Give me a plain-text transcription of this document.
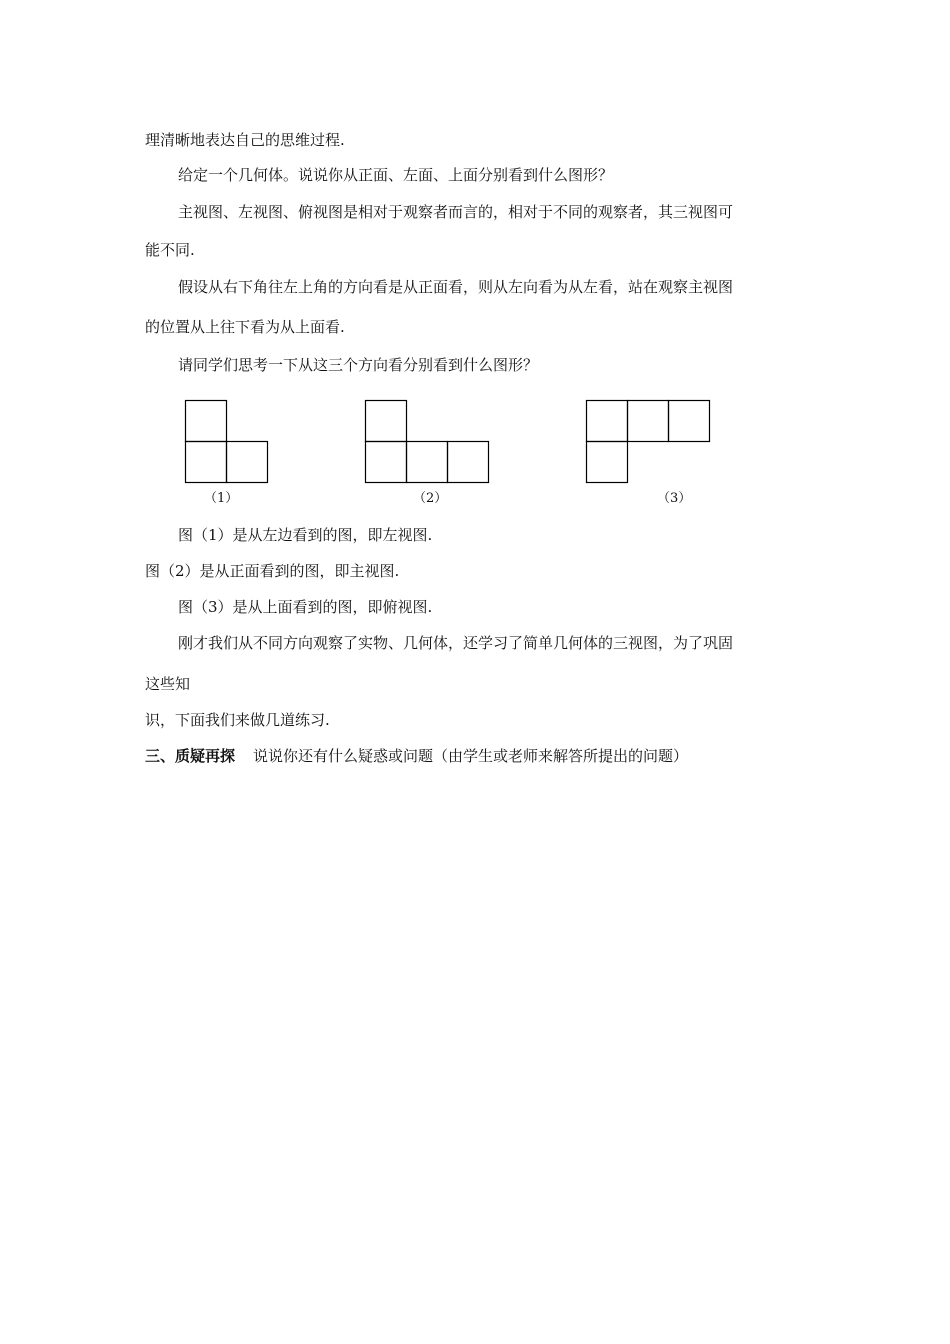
理清晰地表达自己的思维过程.
给定一个几何体。说说你从正面、左面、上面分别看到什么图形？
主视图、左视图、俯视图是相对于观察者而言的，相对于不同的观察者，其三视图可
能不同.
假设从右下角往左上角的方向看是从正面看，则从左向看为从左看，站在观察主视图
的位置从上往下看为从上面看.
请同学们思考一下从这三个方向看分别看到什么图形？
（1）	（2）	（3）
图（1）是从左边看到的图，即左视图.
图（2）是从正面看到的图，即主视图.
图（3）是从上面看到的图，即俯视图.
刚才我们从不同方向观察了实物、几何体，还学习了简单几何体的三视图，为了巩固
这些知
识，下面我们来做几道练习.
三、质疑再探 说说你还有什么疑惑或问题（由学生或老师来解答所提出的问题）
